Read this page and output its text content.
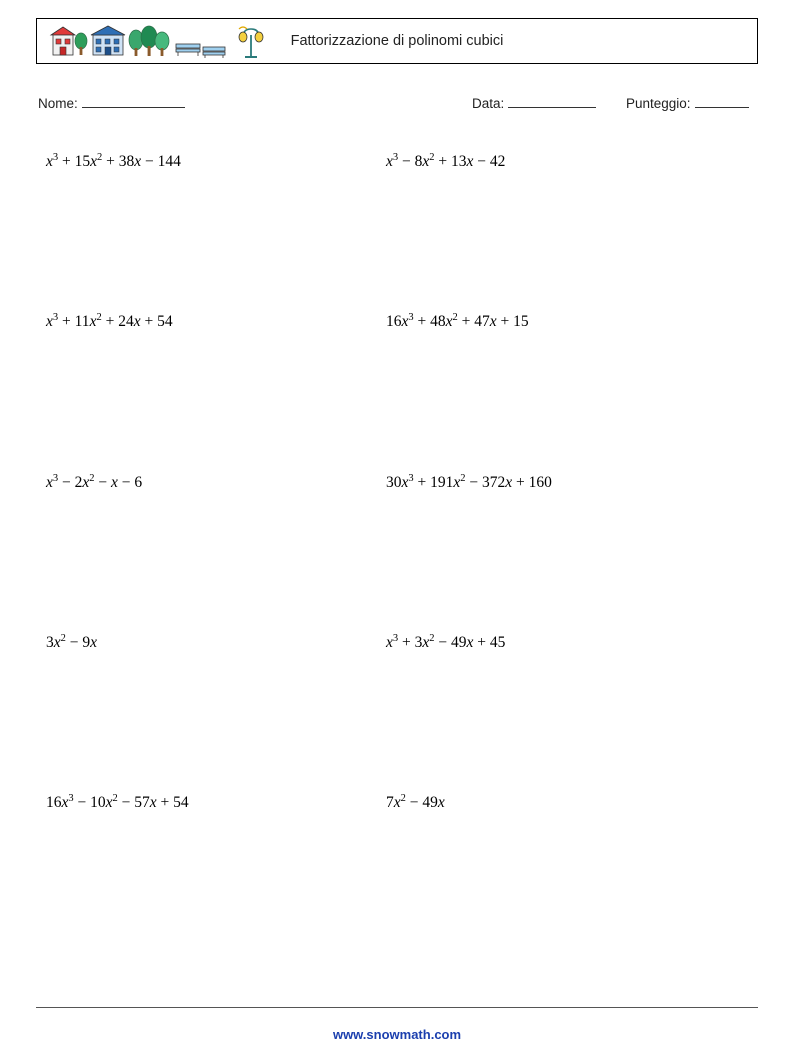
Fattorizzazione di polinomi cubici
Nome:	Data:	Punteggio:
$x^3 + 15x^2 + 38x - 144$	$x^3 - 8x^2 + 13x - 42$
$x^3 + 11x^2 + 24x + 54$	$16x^3 + 48x^2 + 47x + 15$
$x^3 - 2x^2 - x - 6$	$30x^3 + 191x^2 - 372x + 160$
$3x^2 - 9x$	$x^3 + 3x^2 - 49x + 45$
$16x^3 - 10x^2 - 57x + 54$	$7x^2 - 49x$
www.snowmath.com
